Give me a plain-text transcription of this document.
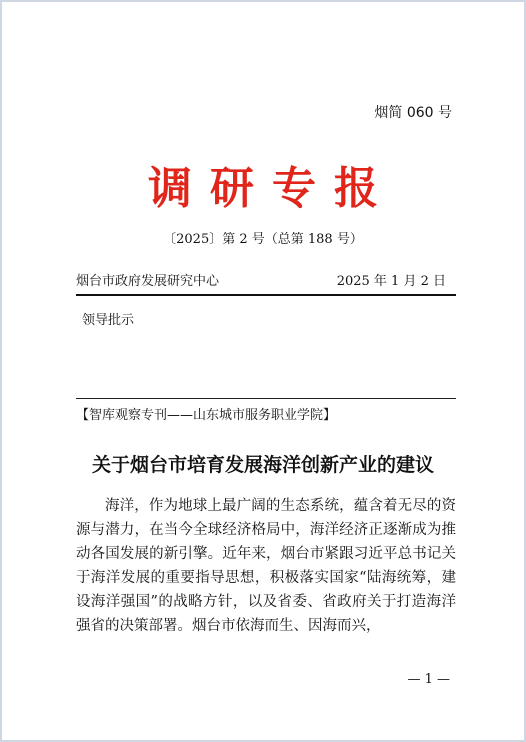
烟简 060 号
调研专报
〔2025〕第 2 号（总第 188 号）
烟台市政府发展研究中心	2025 年 1 月 2 日
领导批示
【智库观察专刊——山东城市服务职业学院】
关于烟台市培育发展海洋创新产业的建议

海洋，作为地球上最广阔的生态系统，蕴含着无尽的资源与潜力，在当今全球经济格局中，海洋经济正逐渐成为推动各国发展的新引擎。近年来，烟台市紧跟习近平总书记关于海洋发展的重要指导思想，积极落实国家“陆海统筹，建设海洋强国”的战略方针，以及省委、省政府关于打造海洋强省的决策部署。烟台市依海而生、因海而兴，

— 1 —
